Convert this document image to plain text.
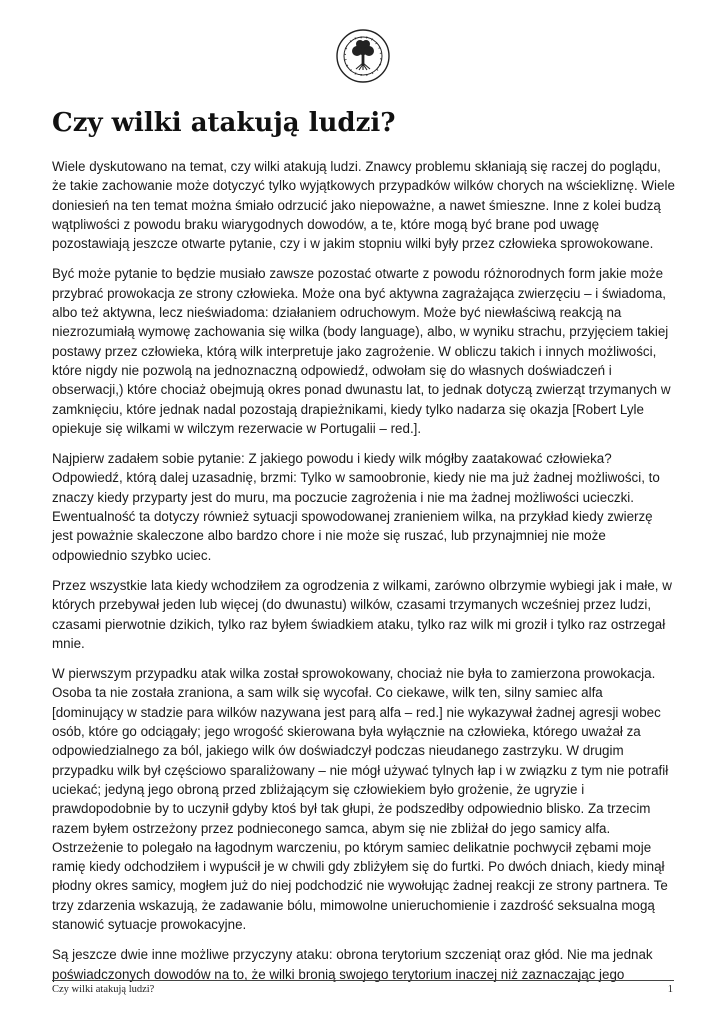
Czy wilki atakują ludzi?

Wiele dyskutowano na temat, czy wilki atakują ludzi. Znawcy problemu skłaniają się raczej do poglądu, że takie zachowanie może dotyczyć tylko wyjątkowych przypadków wilków chorych na wściekliznę. Wiele doniesień na ten temat można śmiało odrzucić jako niepoważne, a nawet śmieszne. Inne z kolei budzą wątpliwości z powodu braku wiarygodnych dowodów, a te, które mogą być brane pod uwagę pozostawiają jeszcze otwarte pytanie, czy i w jakim stopniu wilki były przez człowieka sprowokowane.

Być może pytanie to będzie musiało zawsze pozostać otwarte z powodu różnorodnych form jakie może przybrać prowokacja ze strony człowieka. Może ona być aktywna zagrażająca zwierzęciu – i świadoma, albo też aktywna, lecz nieświadoma: działaniem odruchowym. Może być niewłaściwą reakcją na niezrozumiałą wymowę zachowania się wilka (body language), albo, w wyniku strachu, przyjęciem takiej postawy przez człowieka, którą wilk interpretuje jako zagrożenie. W obliczu takich i innych możliwości, które nigdy nie pozwolą na jednoznaczną odpowiedź, odwołam się do własnych doświadczeń i obserwacji,) które chociaż obejmują okres ponad dwunastu lat, to jednak dotyczą zwierząt trzymanych w zamknięciu, które jednak nadal pozostają drapieżnikami, kiedy tylko nadarza się okazja [Robert Lyle opiekuje się wilkami w wilczym rezerwacie w Portugalii – red.].

Najpierw zadałem sobie pytanie: Z jakiego powodu i kiedy wilk mógłby zaatakować człowieka? Odpowiedź, którą dalej uzasadnię, brzmi: Tylko w samoobronie, kiedy nie ma już żadnej możliwości, to znaczy kiedy przyparty jest do muru, ma poczucie zagrożenia i nie ma żadnej możliwości ucieczki. Ewentualność ta dotyczy również sytuacji spowodowanej zranieniem wilka, na przykład kiedy zwierzę jest poważnie skaleczone albo bardzo chore i nie może się ruszać, lub przynajmniej nie może odpowiednio szybko uciec.

Przez wszystkie lata kiedy wchodziłem za ogrodzenia z wilkami, zarówno olbrzymie wybiegi jak i małe, w których przebywał jeden lub więcej (do dwunastu) wilków, czasami trzymanych wcześniej przez ludzi, czasami pierwotnie dzikich, tylko raz byłem świadkiem ataku, tylko raz wilk mi groził i tylko raz ostrzegał mnie.

W pierwszym przypadku atak wilka został sprowokowany, chociaż nie była to zamierzona prowokacja. Osoba ta nie została zraniona, a sam wilk się wycofał. Co ciekawe, wilk ten, silny samiec alfa [dominujący w stadzie para wilków nazywana jest parą alfa – red.] nie wykazywał żadnej agresji wobec osób, które go odciągały; jego wrogość skierowana była wyłącznie na człowieka, którego uważał za odpowiedzialnego za ból, jakiego wilk ów doświadczył podczas nieudanego zastrzyku. W drugim przypadku wilk był częściowo sparaliżowany – nie mógł używać tylnych łap i w związku z tym nie potrafił uciekać; jedyną jego obroną przed zbliżającym się człowiekiem było grożenie, że ugryzie i prawdopodobnie by to uczynił gdyby ktoś był tak głupi, że podszedłby odpowiednio blisko. Za trzecim razem byłem ostrzeżony przez podnieconego samca, abym się nie zbliżał do jego samicy alfa. Ostrzeżenie to polegało na łagodnym warczeniu, po którym samiec delikatnie pochwycił zębami moje ramię kiedy odchodziłem i wypuścił je w chwili gdy zbliżyłem się do furtki. Po dwóch dniach, kiedy minął płodny okres samicy, mogłem już do niej podchodzić nie wywołując żadnej reakcji ze strony partnera. Te trzy zdarzenia wskazują, że zadawanie bólu, mimowolne unieruchomienie i zazdrość seksualna mogą stanowić sytuacje prowokacyjne.

Są jeszcze dwie inne możliwe przyczyny ataku: obrona terytorium szczeniąt oraz głód. Nie ma jednak poświadczonych dowodów na to, że wilki bronią swojego terytorium inaczej niż zaznaczając jego

Czy wilki atakują ludzi?	1
